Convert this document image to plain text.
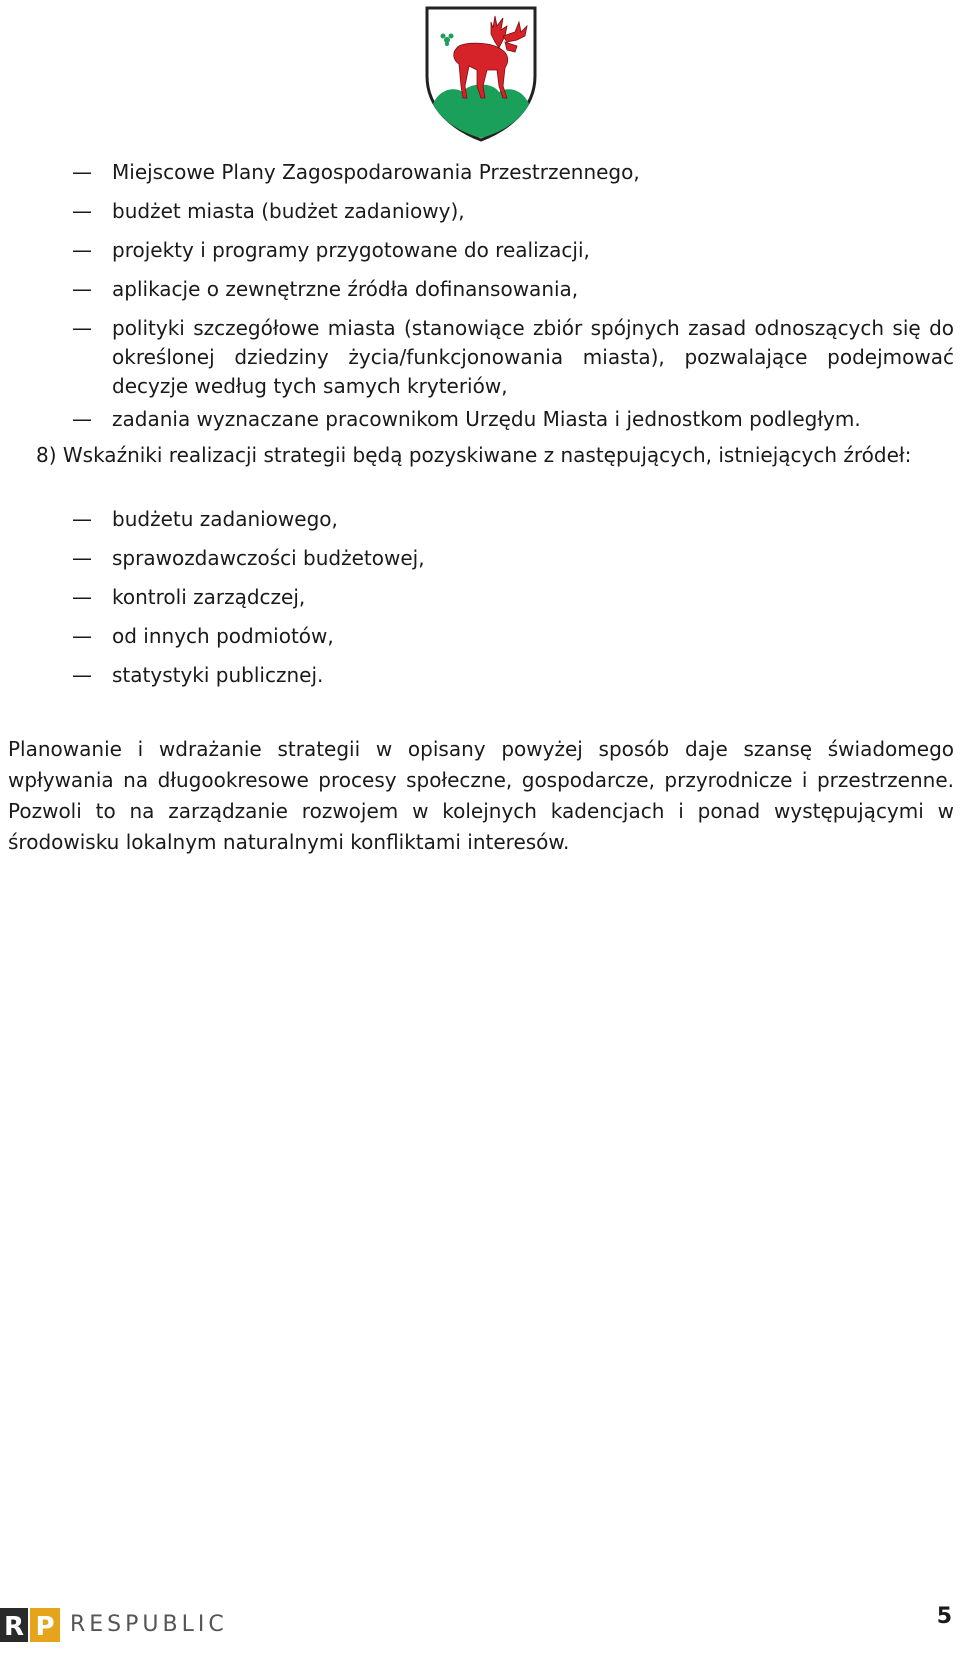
—	Miejscowe Plany Zagospodarowania Przestrzennego,
—	budżet miasta (budżet zadaniowy),
—	projekty i programy przygotowane do realizacji,
—	aplikacje o zewnętrzne źródła dofinansowania,
—	polityki szczegółowe miasta (stanowiące zbiór spójnych zasad odnoszących się do określonej dziedziny życia/funkcjonowania miasta), pozwalające podejmować decyzje według tych samych kryteriów,
—	zadania wyznaczane pracownikom Urzędu Miasta i jednostkom podległym.
8) Wskaźniki realizacji strategii będą pozyskiwane z następujących, istniejących źródeł:
—	budżetu zadaniowego,
—	sprawozdawczości budżetowej,
—	kontroli zarządczej,
—	od innych podmiotów,
—	statystyki publicznej.
Planowanie i wdrażanie strategii w opisany powyżej sposób daje szansę świadomego wpływania na długookresowe procesy społeczne, gospodarcze, przyrodnicze i przestrzenne. Pozwoli to na zarządzanie rozwojem w kolejnych kadencjach i ponad występującymi w środowisku lokalnym naturalnymi konfliktami interesów.
R P RESPUBLIC	5
